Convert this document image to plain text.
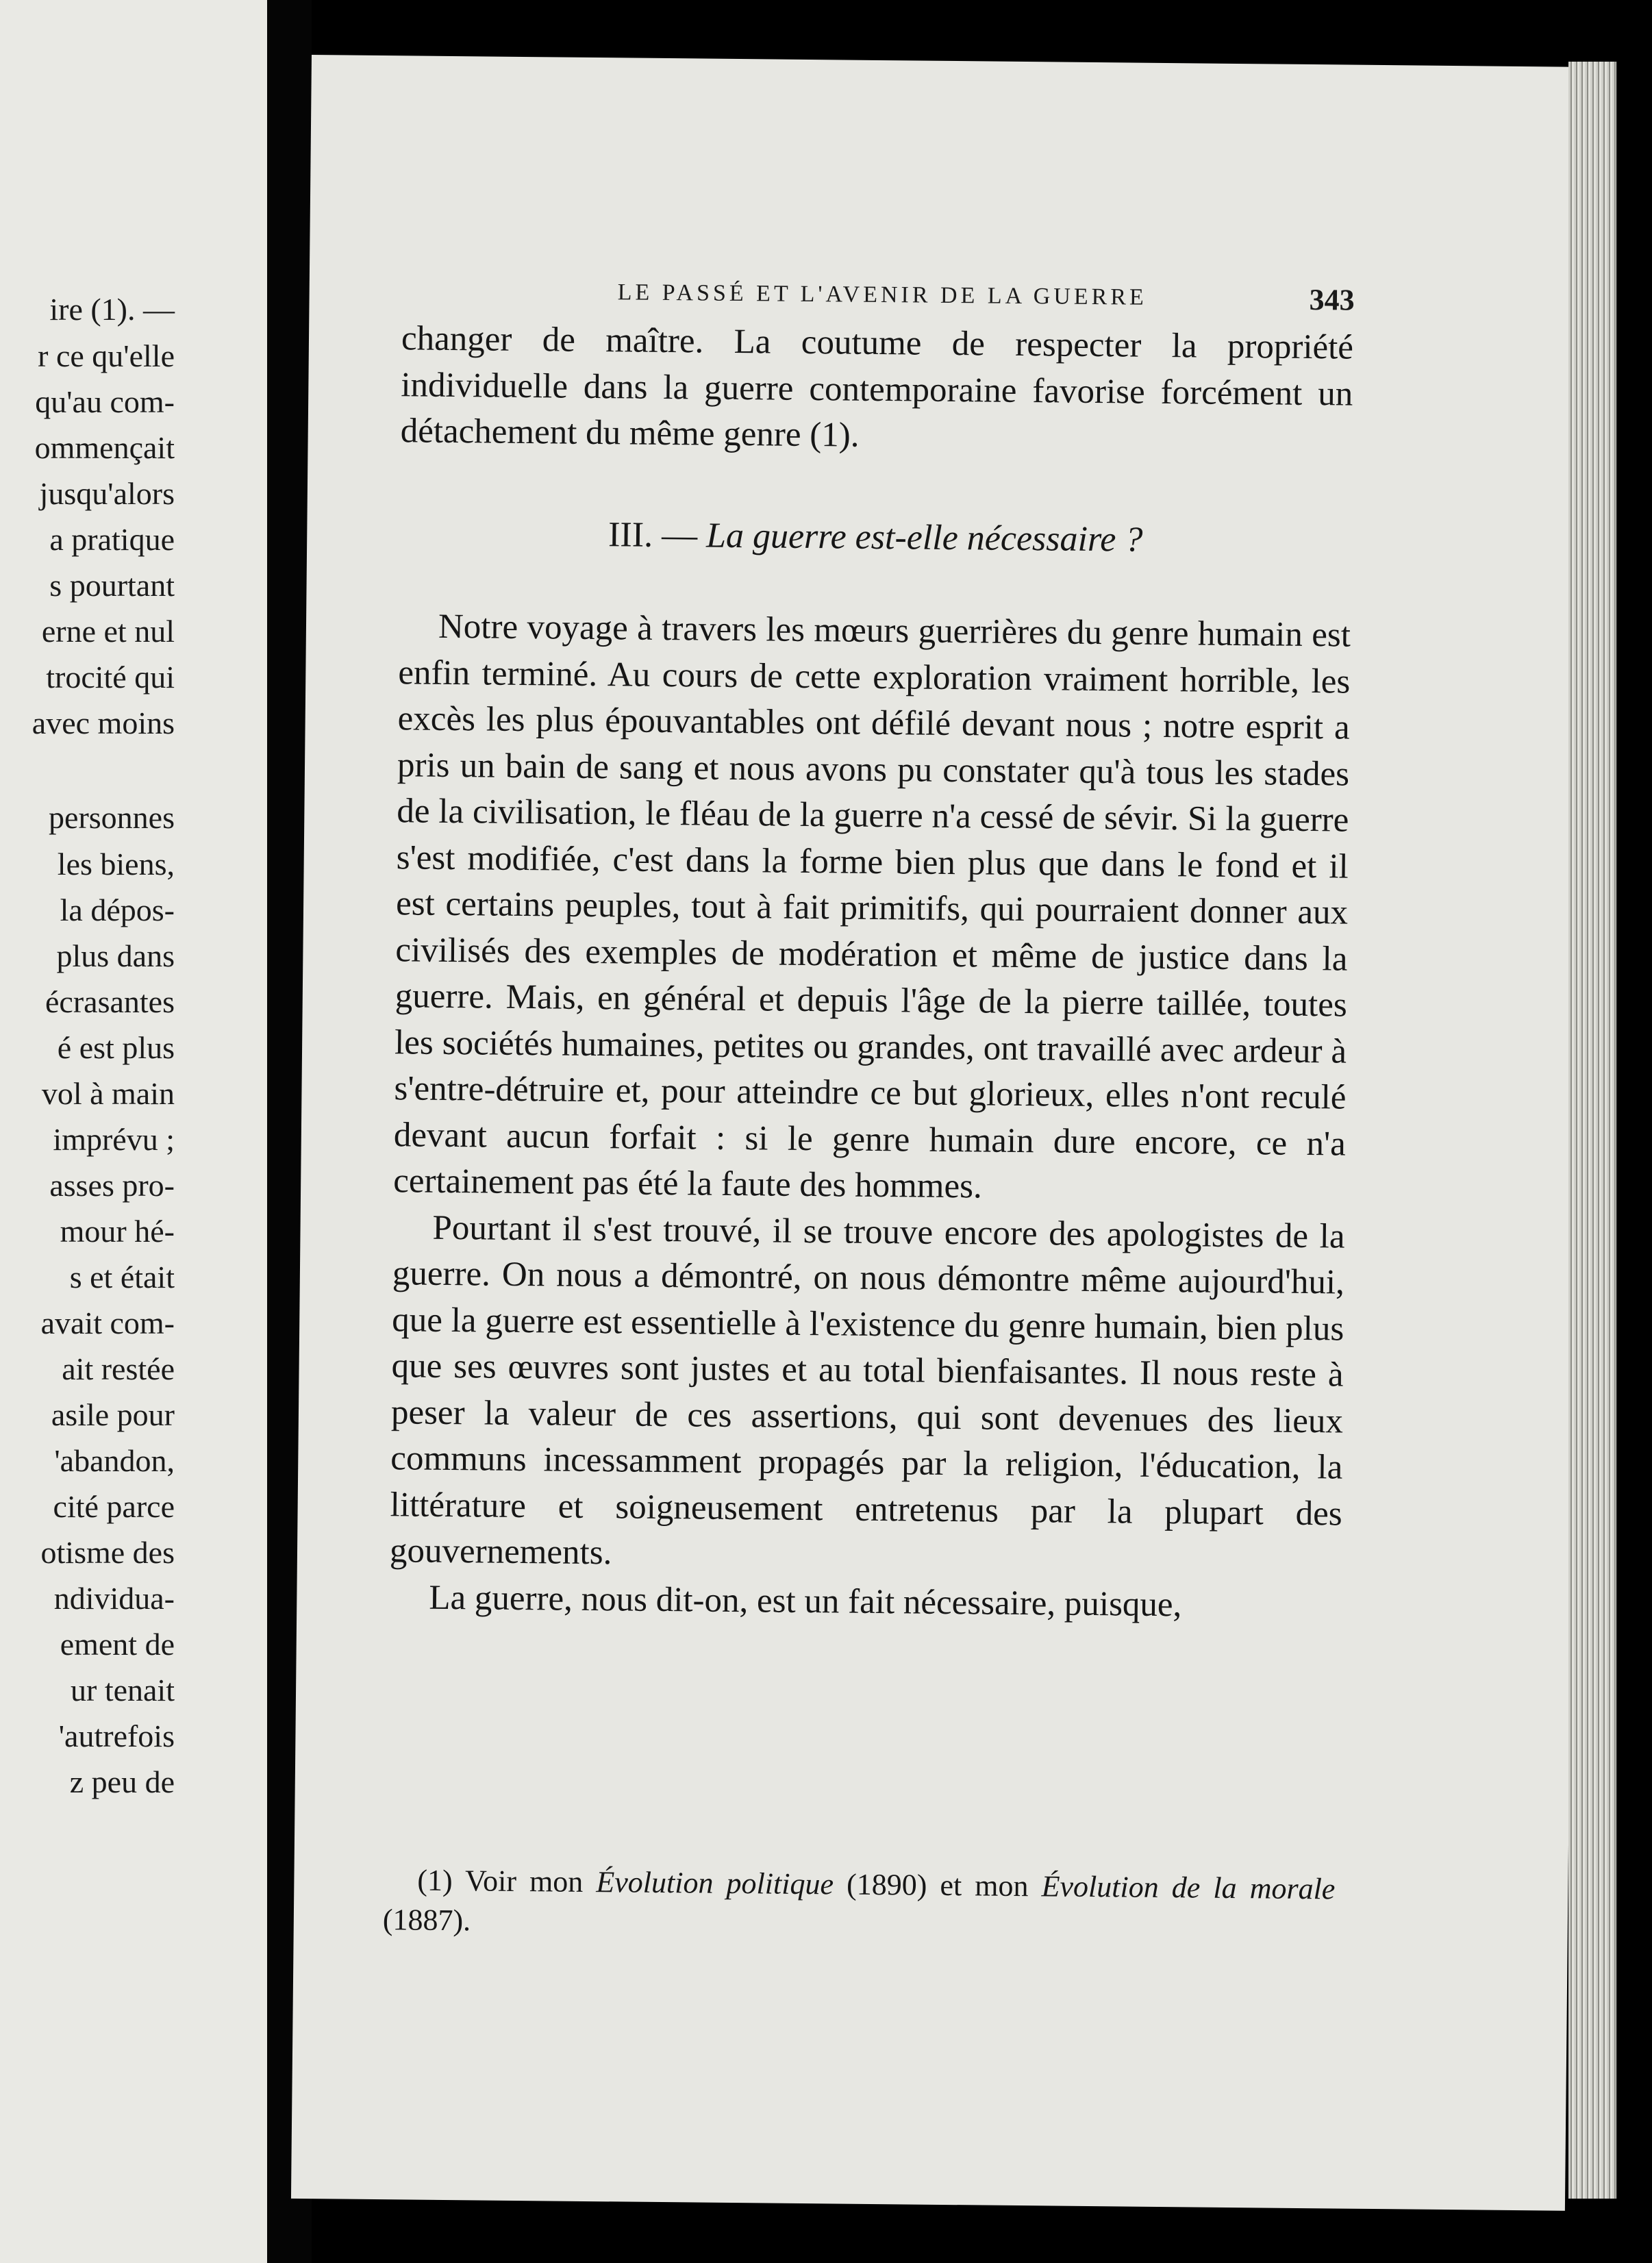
ire (1). —
r ce qu'elle
qu'au com-
ommençait
jusqu'alors
a pratique
s pourtant
erne et nul
trocité qui
avec moins
personnes
les biens,
la dépos-
plus dans
écrasantes
é est plus
vol à main
imprévu ;
asses pro-
mour hé-
s et était
avait com-
ait restée
asile pour
'abandon,
cité parce
otisme des
ndividua-
ement de
ur tenait
'autrefois
z peu de
LE PASSÉ ET L'AVENIR DE LA GUERRE	343

changer de maître. La coutume de respecter la propriété individuelle dans la guerre contemporaine favorise forcément un détachement du même genre (1).

III. — La guerre est-elle nécessaire ?

Notre voyage à travers les mœurs guerrières du genre humain est enfin terminé. Au cours de cette exploration vraiment horrible, les excès les plus épouvantables ont défilé devant nous ; notre esprit a pris un bain de sang et nous avons pu constater qu'à tous les stades de la civilisation, le fléau de la guerre n'a cessé de sévir. Si la guerre s'est modifiée, c'est dans la forme bien plus que dans le fond et il est certains peuples, tout à fait primitifs, qui pourraient donner aux civilisés des exemples de modération et même de justice dans la guerre. Mais, en général et depuis l'âge de la pierre taillée, toutes les sociétés humaines, petites ou grandes, ont travaillé avec ardeur à s'entre-détruire et, pour atteindre ce but glorieux, elles n'ont reculé devant aucun forfait : si le genre humain dure encore, ce n'a certainement pas été la faute des hommes.

Pourtant il s'est trouvé, il se trouve encore des apologistes de la guerre. On nous a démontré, on nous démontre même aujourd'hui, que la guerre est essentielle à l'existence du genre humain, bien plus que ses œuvres sont justes et au total bienfaisantes. Il nous reste à peser la valeur de ces assertions, qui sont devenues des lieux communs incessamment propagés par la religion, l'éducation, la littérature et soigneusement entretenus par la plupart des gouvernements.

La guerre, nous dit-on, est un fait nécessaire, puisque,

(1) Voir mon Évolution politique (1890) et mon Évolution de la morale (1887).
